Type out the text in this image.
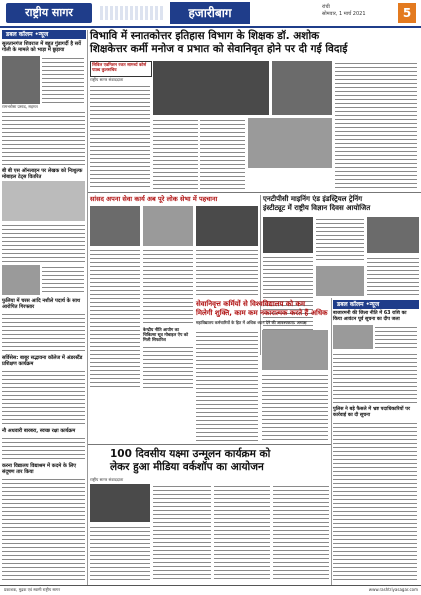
राष्ट्रीय सागर	हजारीबाग	रांची
सोमवार, 1 मार्च 2021	5
डबल कॉलम •न्यूज
सुलतानगंज शिवराज में बहुत गुंडागर्दी है सर्वे गोली के मामले को भाड़ा में छुड़ाया
रामभरोसा प्रसाद, सहमत
बी बी एस ऑनलाइन पर लेखक को निःशुल्क मोबाइल टेट्स वितरित
फुलिया में चरस आदि नशीले पदार्थ के साथ आरोपित गिरफ्तार
सर्विसेस: बाबूर सद्भावना कॉलेज में अंडरस्टैंड प्रशिक्षण कार्यक्रम
नौ अधवारी बारबरा, स्वच्छ रक्षा कार्यक्रम
करना विद्यालय विद्याश्रम में कदमे के लिए संदूषण तार किया
विभावि में स्नातकोत्तर इतिहास विभाग के शिक्षक डॉ. अशोक
शिक्षकेत्तर कर्मी मनोज व प्रभात को सेवानिवृत होने पर दी गई विदाई
सिविल एडमिशन रजत सामर्थ्य कोर्स पाठ्य कुलसचिव
राष्ट्रीय सागर संवाददाता
सांसद अपना सेवा कार्य अब पूरे लोक सेभा में पहचाना
केन्द्रीय नीति आयोग का चिकित्सा सूत्र मोबाइल ऐप को मिली सिफारिश
एनटीपीसी माइनिंग एंड इंडस्ट्रियल ट्रेनिंग
इंस्टीट्यूट में राष्ट्रीय विज्ञान दिवस आयोजित
डबल कॉलम •न्यूज
बाजारमनी की जिला नीति में 63 राशि का किया आवंटन पूर्व सूचना का दीप जला
पुलिस ने बड़े फैसले में भ्रष्ट पदाधिकारियों पर कार्रवाई का दी सूचना
सेवानिवृत्त कर्मियों से विश्वविद्यालय को कम
मिलेगी शुक्ति, काम कम नकारात्मक करते हैं अधिक
महाविद्यालय कर्मचारियों के हित में अधिक ध्यान देने की आवश्यकता: अध्यक्ष
100 दिवसीय यक्ष्मा उन्मूलन कार्यक्रम को
लेकर हुआ मीडिया वर्कशॉप का आयोजन
राष्ट्रीय सागर संवाददाता
प्रकाशक, मुद्रक एवं स्वामी राष्ट्रीय सागर	www.rashtriyasagar.com
